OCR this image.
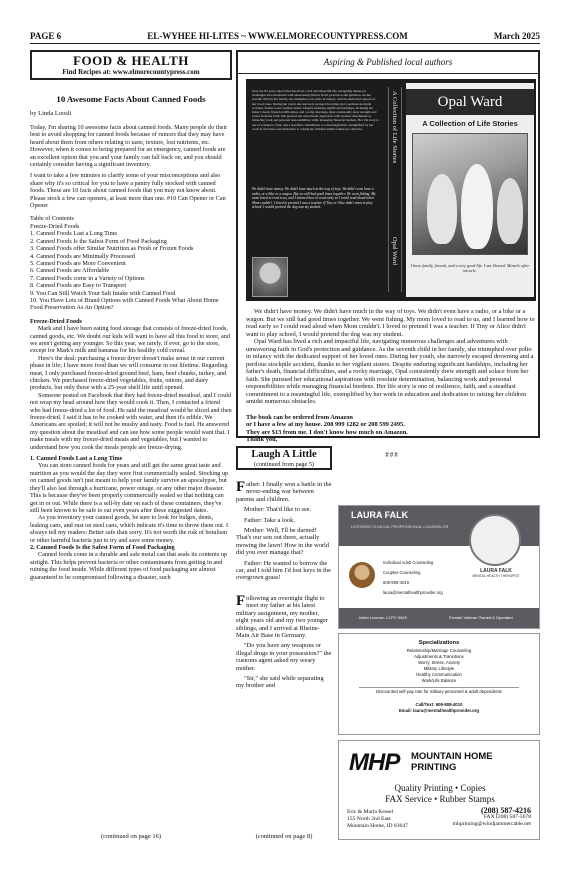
PAGE 6	EL-WYHEE HI-LITES ~ WWW.ELMORECOUNTYPRESS.COM	March 2025
FOOD & HEALTH
Find Recipes at: www.elmorecountypress.com
10 Awesome Facts About Canned Foods
by Linda Loosli

Today, I'm sharing 10 awesome facts about canned foods. Many people do their best to avoid shopping for canned foods because of rumors that they may have heard about them from others relating to taste, texture, lost nutrients, etc. However, when it comes to being prepared for an emergency, canned foods are an excellent option that you and your family can fall back on, and you should certainly consider having a significant inventory.

I want to take a few minutes to clarify some of your misconceptions and also share why it's so critical for you to have a pantry fully stocked with canned foods. These are 10 facts about canned foods that you may not know about. Please stock a few can openers, at least more than one. #10 Can Opener or Can Opener

Table of Contents
Freeze-Dried Foods
1. Canned Foods Last a Long Time
2. Canned Foods Is the Safest Form of Food Packaging
3. Canned Foods offer Similar Nutrition as Fresh or Frozen Foods
4. Canned Foods are Minimally Processed
5. Canned Foods are More Convenient
6. Canned Foods are Affordable
7. Canned Foods come in a Variety of Options
8. Canned Foods are Easy to Transport
9. You Can Still Watch Your Salt Intake with Canned Food
10. You Have Lots of Brand Options with Canned Foods What About Home Food Preservation As An Option?

Freeze-Dried Foods

Mark and I have been eating food storage that consists of freeze-dried foods, canned goods, etc. We doubt our kids will want to have all this food to store, and we aren't getting any younger. So this year, we rarely, if ever, go to the store, except for Mark's milk and bananas for his healthy cold cereal.

Here's the deal: purchasing a freeze dryer doesn't make sense in our current phase in life; I have more food than we will consume in our lifetime. Regarding meat, I only purchased freeze-dried ground beef, ham, beef chunks, turkey, and chicken. We purchased freeze-dried vegetables, fruits, onions, and dairy products, but only those with a 25-year shelf life until opened.

Someone posted on Facebook that they had freeze-dried meatloaf, and I could not wrap my head around how they would cook it. Then, I contacted a friend who had freeze-dried a lot of food. He said the meatloaf would be sliced and then freeze-dried. I said it has to be cooked with water, and then it's edible. We Americans are spoiled; it will not be mushy and tasty. Food is fuel. He answered my question about the meatloaf and can see how some people would want that. I make meals with my freeze-dried meats and vegetables, but I wanted to understand how you cook the meals people are freeze-drying.

1. Canned Foods Last a Long Time

You can store canned foods for years and still get the same great taste and nutrition as you would the day they were first commercially sealed. Stocking up on canned goods isn't just meant to help your family survive an apocalypse, but they'll also last through a hurricane, power outage, or any other major disaster. This is because they've been properly commercially sealed so that nothing can get in or out. While there is a sell-by date on each of these containers, they've still been known to be safe to eat even years after these suggested dates.

As you inventory your canned goods, be sure to look for bulges, dents, leaking cans, and rust on steel cans, which indicate it's time to throw them out. I always tell my readers: Better safe than sorry. It's not worth the risk of botulism or other harmful bacteria just to try and save some money.

2. Canned Foods Is the Safest Form of Food Packaging

Canned foods come in a durable and safe metal can that seals its contents up airtight. This helps prevent bacteria or other contaminants from getting in and ruining the food inside. While different types of food packaging are almost guaranteed to be compromised following a disaster, such

(continued on page 16)
Aspiring & Published local authors
Over her 85 years, Opal Ward has lived a rich and impactful life, navigating numerous challenges and adventures with unwavering faith in God's protection and guidance. As the seventh child in her family, she triumphed over polio in infancy with the dedicated support of her loved ones. During her youth, she narrowly escaped drowning and a perilous stockpile accident, thanks to her vigilant sisters. Despite enduring significant hardships, including her father's death, financial difficulties, and a rocky marriage, Opal consistently drew strength and solace from her faith. She pursued her educational aspirations with resolute determination, balancing work and personal responsibilities while managing financial burdens. Her life story is one of resilience, faith, and a steadfast commitment to a meaningful life, exemplified by her work in education and dedication to raising her children amidst numerous obstacles.
We didn't have money. We didn't have much in the way of toys. We didn't even have a radio, or a bike or a wagon. But we still had good times together. We went fishing. My mom loved to read to us, and I learned how to read early so I could read aloud when Mom couldn't. I loved to pretend I was a teacher. If Tiny or Alice didn't want to play school, I would pretend the dog was my student.
A Collection of Life Stories
Opal Ward
Opal Ward
A Collection of Life Stories
I have family, friends, and a very good life. I am blessed. Miracle after miracle.

We didn't have money. We didn't have much in the way of toys. We didn't even have a radio, or a bike or a wagon. But we still had good times together. We went fishing. My mom loved to read to us, and I learned how to read early so I could read aloud when Mom couldn't. I loved to pretend I was a teacher. If Tiny or Alice didn't want to play school, I would pretend the dog was my student.

Opal Ward has lived a rich and impactful life, navigating numerous challenges and adventures with unwavering faith in God's protection and guidance. As the seventh child in her family, she triumphed over polio in infancy with the dedicated support of her loved ones. During her youth, she narrowly escaped drowning and a perilous stockpile accident, thanks to her vigilant sisters. Despite enduring significant hardships, including her father's death, financial difficulties, and a rocky marriage, Opal consistently drew strength and solace from her faith. She pursued her educational aspirations with resolute determination, balancing work and personal responsibilities while managing financial burdens. Her life story is one of resilience, faith, and a steadfast commitment to a meaningful life, exemplified by her work in education and dedication to raising her children amidst numerous obstacles.

The book can be ordered from Amazon
or I have a few at my house. 208 999 1282 or 208 599 2495.
They are $13 from me. I don't know how much on Amazon.
Thank you,
###
Laugh A Little
(continued from page 5)

Father: I finally won a battle in the never-ending war between parents and children.

Mother: That'd like to see.

Father: Take a look.

Mother: Well, I'll be darned! That's our son out there, actually mowing the lawn! How in the world did you ever manage that?

Father: He wanted to borrow the car, and I told him I'd lost keys in the overgrown grass!

Following an overnight flight to meet my father at his latest military assignment, my mother, eight years old and my two younger siblings, and I arrived at Rheine-Main Air Base in Germany.

"Do you have any weapons or illegal drugs in your possession?" the customs agent asked my weary mother.

"Sir," she said while separating my brother and

(continued on page 8)
LAURA FALK
LICENSED CLINICAL PROFESSIONAL COUNSELOR
LAURA FALK
MENTAL HEALTH THERAPIST
Individual Adult Counseling
Couples Counseling
609-808-4010
laura@mentalhealthprovider.org
Idaho License: LCPC 9549	Female Veteran Owned & Operated
Specializations
Relationship/Marriage Counseling
Adjustments & Transitions
Worry, Stress, Anxiety
Military Lifestyle
Healthy Communication
Work/Life Balance
Discounted self-pay rate for military personnel & adult dependents
Call/Text: 609-808-4010
Email: laura@mentalhealthprovider.org
MHP	MOUNTAIN HOME
PRINTING
Quality Printing • Copies
FAX Service • Rubber Stamps
Eric & Marla Kessel
155 North 2nd East
Mountain Home, ID 83647
(208) 587-4216
FAX (208) 587-5678
mhprinting@windjammercable.net
